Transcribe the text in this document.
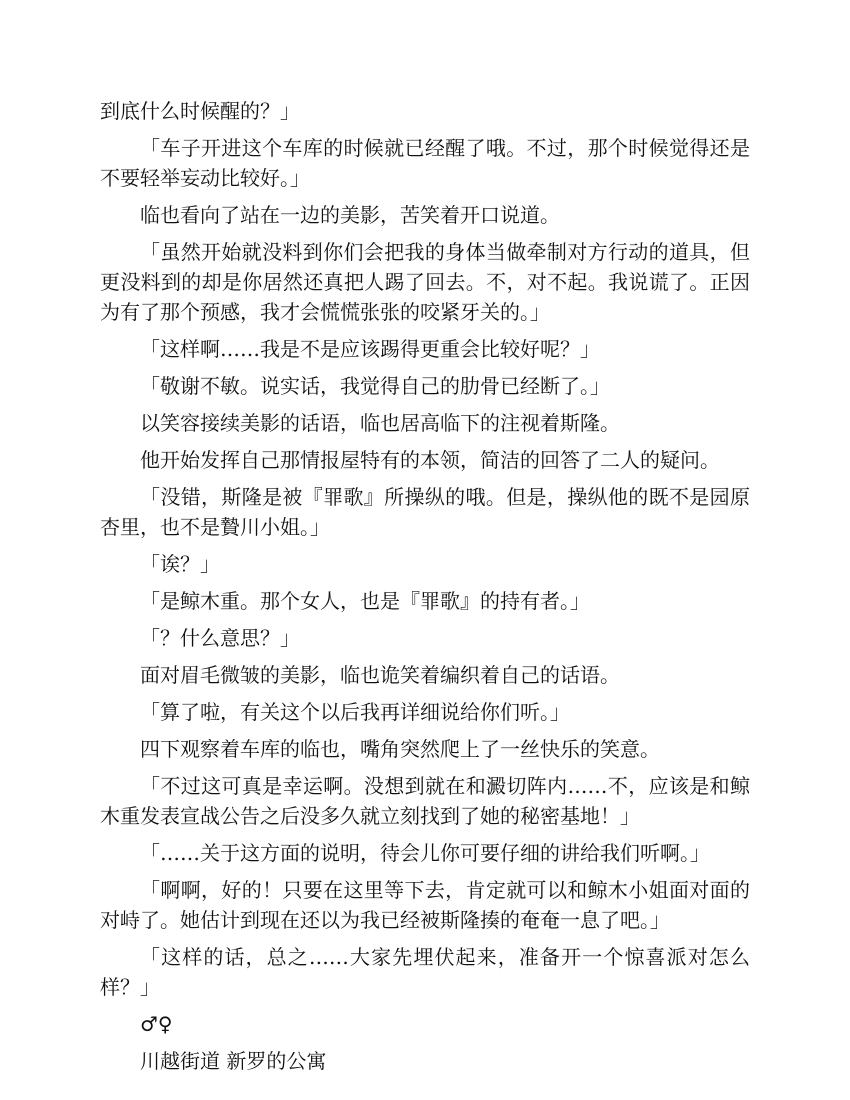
到底什么时候醒的？」

「车子开进这个车库的时候就已经醒了哦。不过，那个时候觉得还是不要轻举妄动比较好。」

临也看向了站在一边的美影，苦笑着开口说道。

「虽然开始就没料到你们会把我的身体当做牵制对方行动的道具，但更没料到的却是你居然还真把人踢了回去。不，对不起。我说谎了。正因为有了那个预感，我才会慌慌张张的咬紧牙关的。」

「这样啊……我是不是应该踢得更重会比较好呢？」

「敬谢不敏。说实话，我觉得自己的肋骨已经断了。」

以笑容接续美影的话语，临也居高临下的注视着斯隆。

他开始发挥自己那情报屋特有的本领，简洁的回答了二人的疑问。

「没错，斯隆是被『罪歌』所操纵的哦。但是，操纵他的既不是园原杏里，也不是贄川小姐。」

「诶？」

「是鲸木重。那个女人，也是『罪歌』的持有者。」

「？什么意思？」

面对眉毛微皱的美影，临也诡笑着编织着自己的话语。

「算了啦，有关这个以后我再详细说给你们听。」

四下观察着车库的临也，嘴角突然爬上了一丝快乐的笑意。

「不过这可真是幸运啊。没想到就在和澱切阵内……不，应该是和鲸木重发表宣战公告之后没多久就立刻找到了她的秘密基地！」

「……关于这方面的说明，待会儿你可要仔细的讲给我们听啊。」

「啊啊，好的！只要在这里等下去，肯定就可以和鲸木小姐面对面的对峙了。她估计到现在还以为我已经被斯隆揍的奄奄一息了吧。」

「这样的话，总之……大家先埋伏起来，准备开一个惊喜派对怎么样？」

♂♀

川越街道 新罗的公寓
